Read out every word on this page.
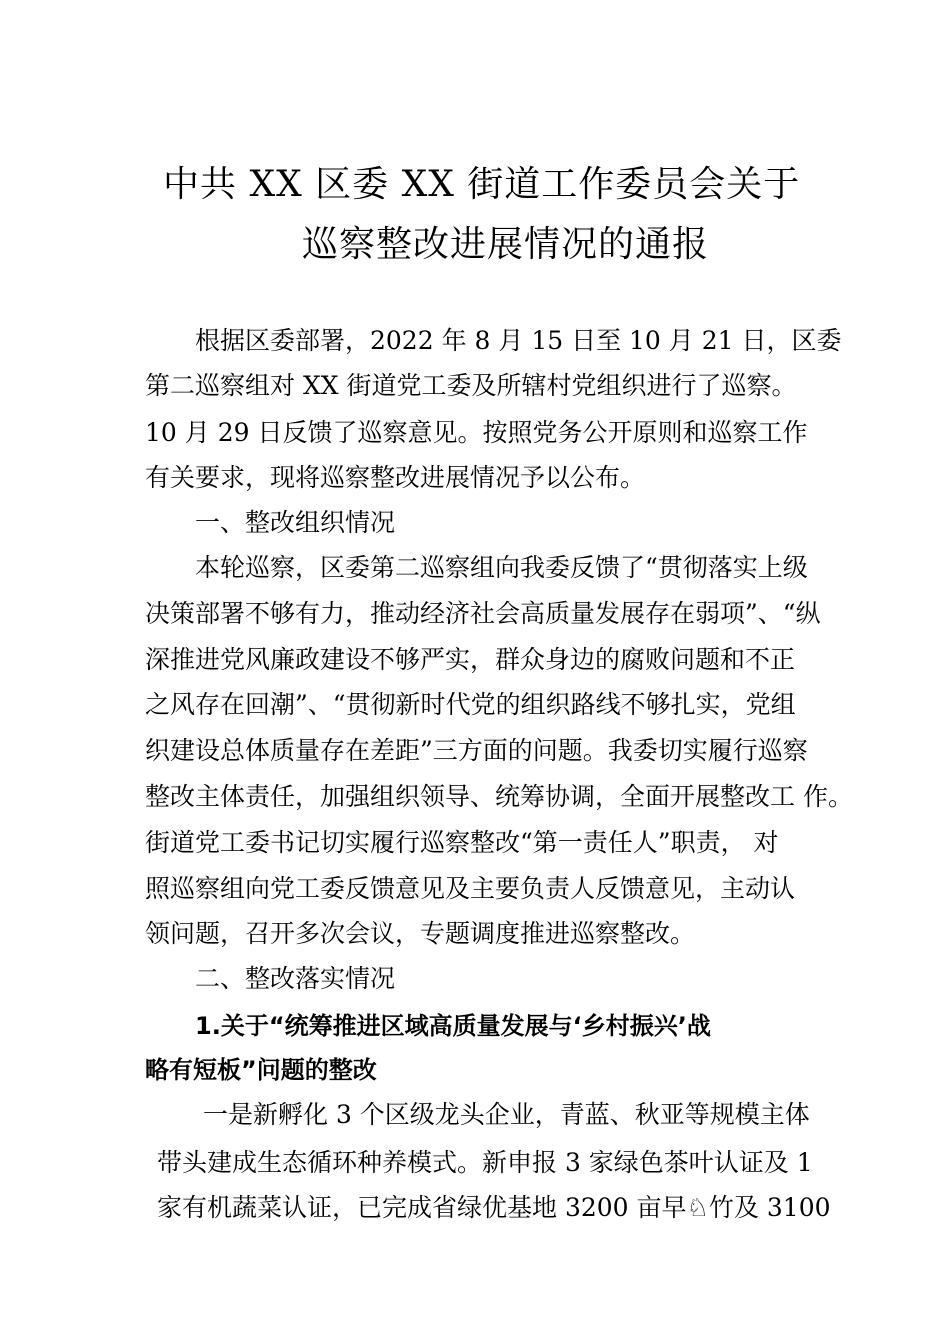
中共 XX 区委 XX 街道工作委员会关于
巡察整改进展情况的通报
根据区委部署，2022 年 8 月 15 日至 10 月 21 日，区委
第二巡察组对 XX 街道党工委及所辖村党组织进行了巡察。
10 月 29 日反馈了巡察意见。按照党务公开原则和巡察工作
有关要求，现将巡察整改进展情况予以公布。
一、整改组织情况
本轮巡察，区委第二巡察组向我委反馈了“贯彻落实上级
决策部署不够有力，推动经济社会高质量发展存在弱项”、“纵
深推进党风廉政建设不够严实，群众身边的腐败问题和不正
之风存在回潮”、“贯彻新时代党的组织路线不够扎实，党组
织建设总体质量存在差距”三方面的问题。我委切实履行巡察
整改主体责任，加强组织领导、统筹协调，全面开展整改工 作。
街道党工委书记切实履行巡察整改“第一责任人”职责， 对
照巡察组向党工委反馈意见及主要负责人反馈意见，主动认
领问题，召开多次会议，专题调度推进巡察整改。
二、整改落实情况
1.关于“统筹推进区域高质量发展与‘乡村振兴’战
略有短板”问题的整改
一是新孵化 3 个区级龙头企业，青蓝、秋亚等规模主体
带头建成生态循环种养模式。新申报 3 家绿色茶叶认证及 1
家有机蔬菜认证，已完成省绿优基地 3200 亩早♘竹及 3100
